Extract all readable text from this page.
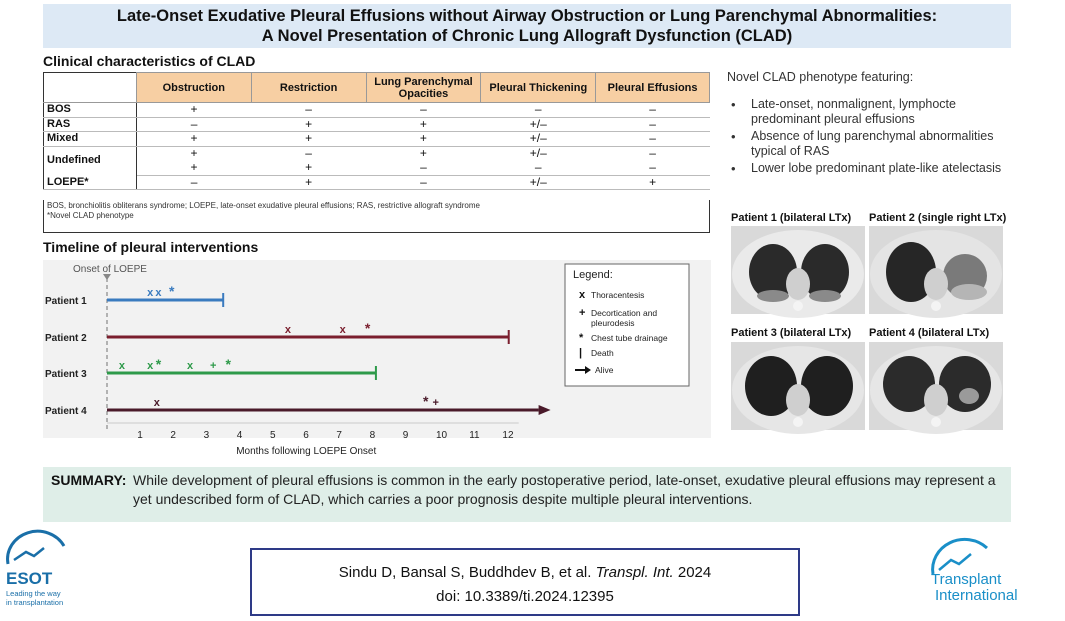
Late-Onset Exudative Pleural Effusions without Airway Obstruction or Lung Parenchymal Abnormalities:
A Novel Presentation of Chronic Lung Allograft Dysfunction (CLAD)
Clinical characteristics of CLAD
	Obstruction	Restriction	Lung Parenchymal Opacities	Pleural Thickening	Pleural Effusions
BOS	+	–	–	–	–
RAS	–	+	+	+/–	–
Mixed	+	+	+	+/–	–
Undefined	+	–	+	+/–	–
	+	+	–	–	–
LOEPE*	–	+	–	+/–	+
BOS, bronchiolitis obliterans syndrome; LOEPE, late-onset exudative pleural effusions; RAS, restrictive allograft syndrome
*Novel CLAD phenotype
Timeline of pleural interventions
Onset of LOEPE
Patient 1
x x *
Patient 2
x	x *
Patient 3
x x * x + *
Patient 4
x	* +
1	2	3	4	5	6	7	8	9	10 11 12
Months following LOEPE Onset
Legend:
x Thoracentesis
+ Decortication and
* Chest tube drainage
| Death
pleurodesis
Alive
Novel CLAD phenotype featuring:
• Late-onset, nonmalignent, lymphocte predominant pleural effusions
• Absence of lung parenchymal abnormalities typical of RAS
• Lower lobe predominant plate-like atelectasis
Patient 1 (bilateral LTx) Patient 2 (single right LTx)
Patient 3 (bilateral LTx) Patient 4 (bilateral LTx)
SUMMARY: While development of pleural effusions is common in the early postoperative period, late-onset, exudative pleural effusions may represent a yet undescribed form of CLAD, which carries a poor prognosis despite multiple pleural interventions.
Sindu D, Bansal S, Buddhdev B, et al. Transpl. Int. 2024
doi: 10.3389/ti.2024.12395
ESOT
Leading the way
in transplantation
Transplant
International
